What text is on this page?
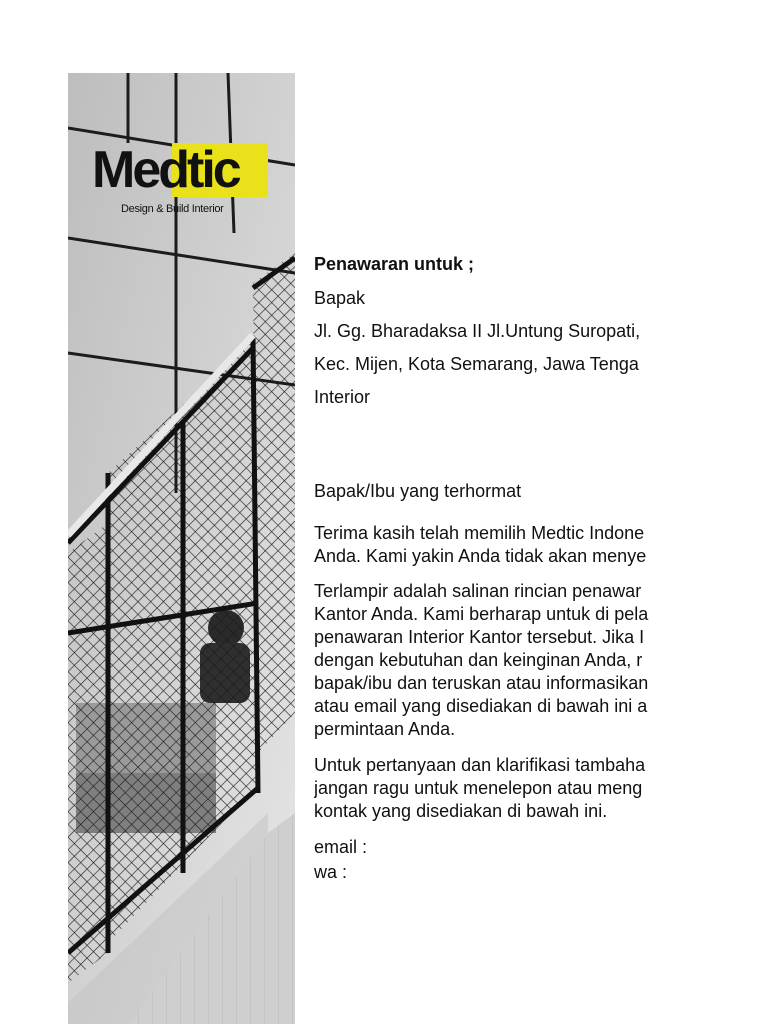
Medtic
Design & Build Interior

Penawaran untuk ;

Bapak

Jl. Gg. Bharadaksa II Jl.Untung Suropati,

Kec. Mijen, Kota Semarang, Jawa Tenga

Interior

Bapak/Ibu yang terhormat

Terima kasih telah memilih Medtic Indone
Anda. Kami yakin Anda tidak akan menye

Terlampir adalah salinan rincian penawar
Kantor Anda. Kami berharap untuk di pela
penawaran Interior Kantor tersebut. Jika I
dengan kebutuhan dan keinginan Anda, r
bapak/ibu dan teruskan atau informasikan
atau email yang disediakan di bawah ini a
permintaan Anda.

Untuk pertanyaan dan klarifikasi tambaha
jangan ragu untuk menelepon atau meng
kontak yang disediakan di bawah ini.

email :

wa :
